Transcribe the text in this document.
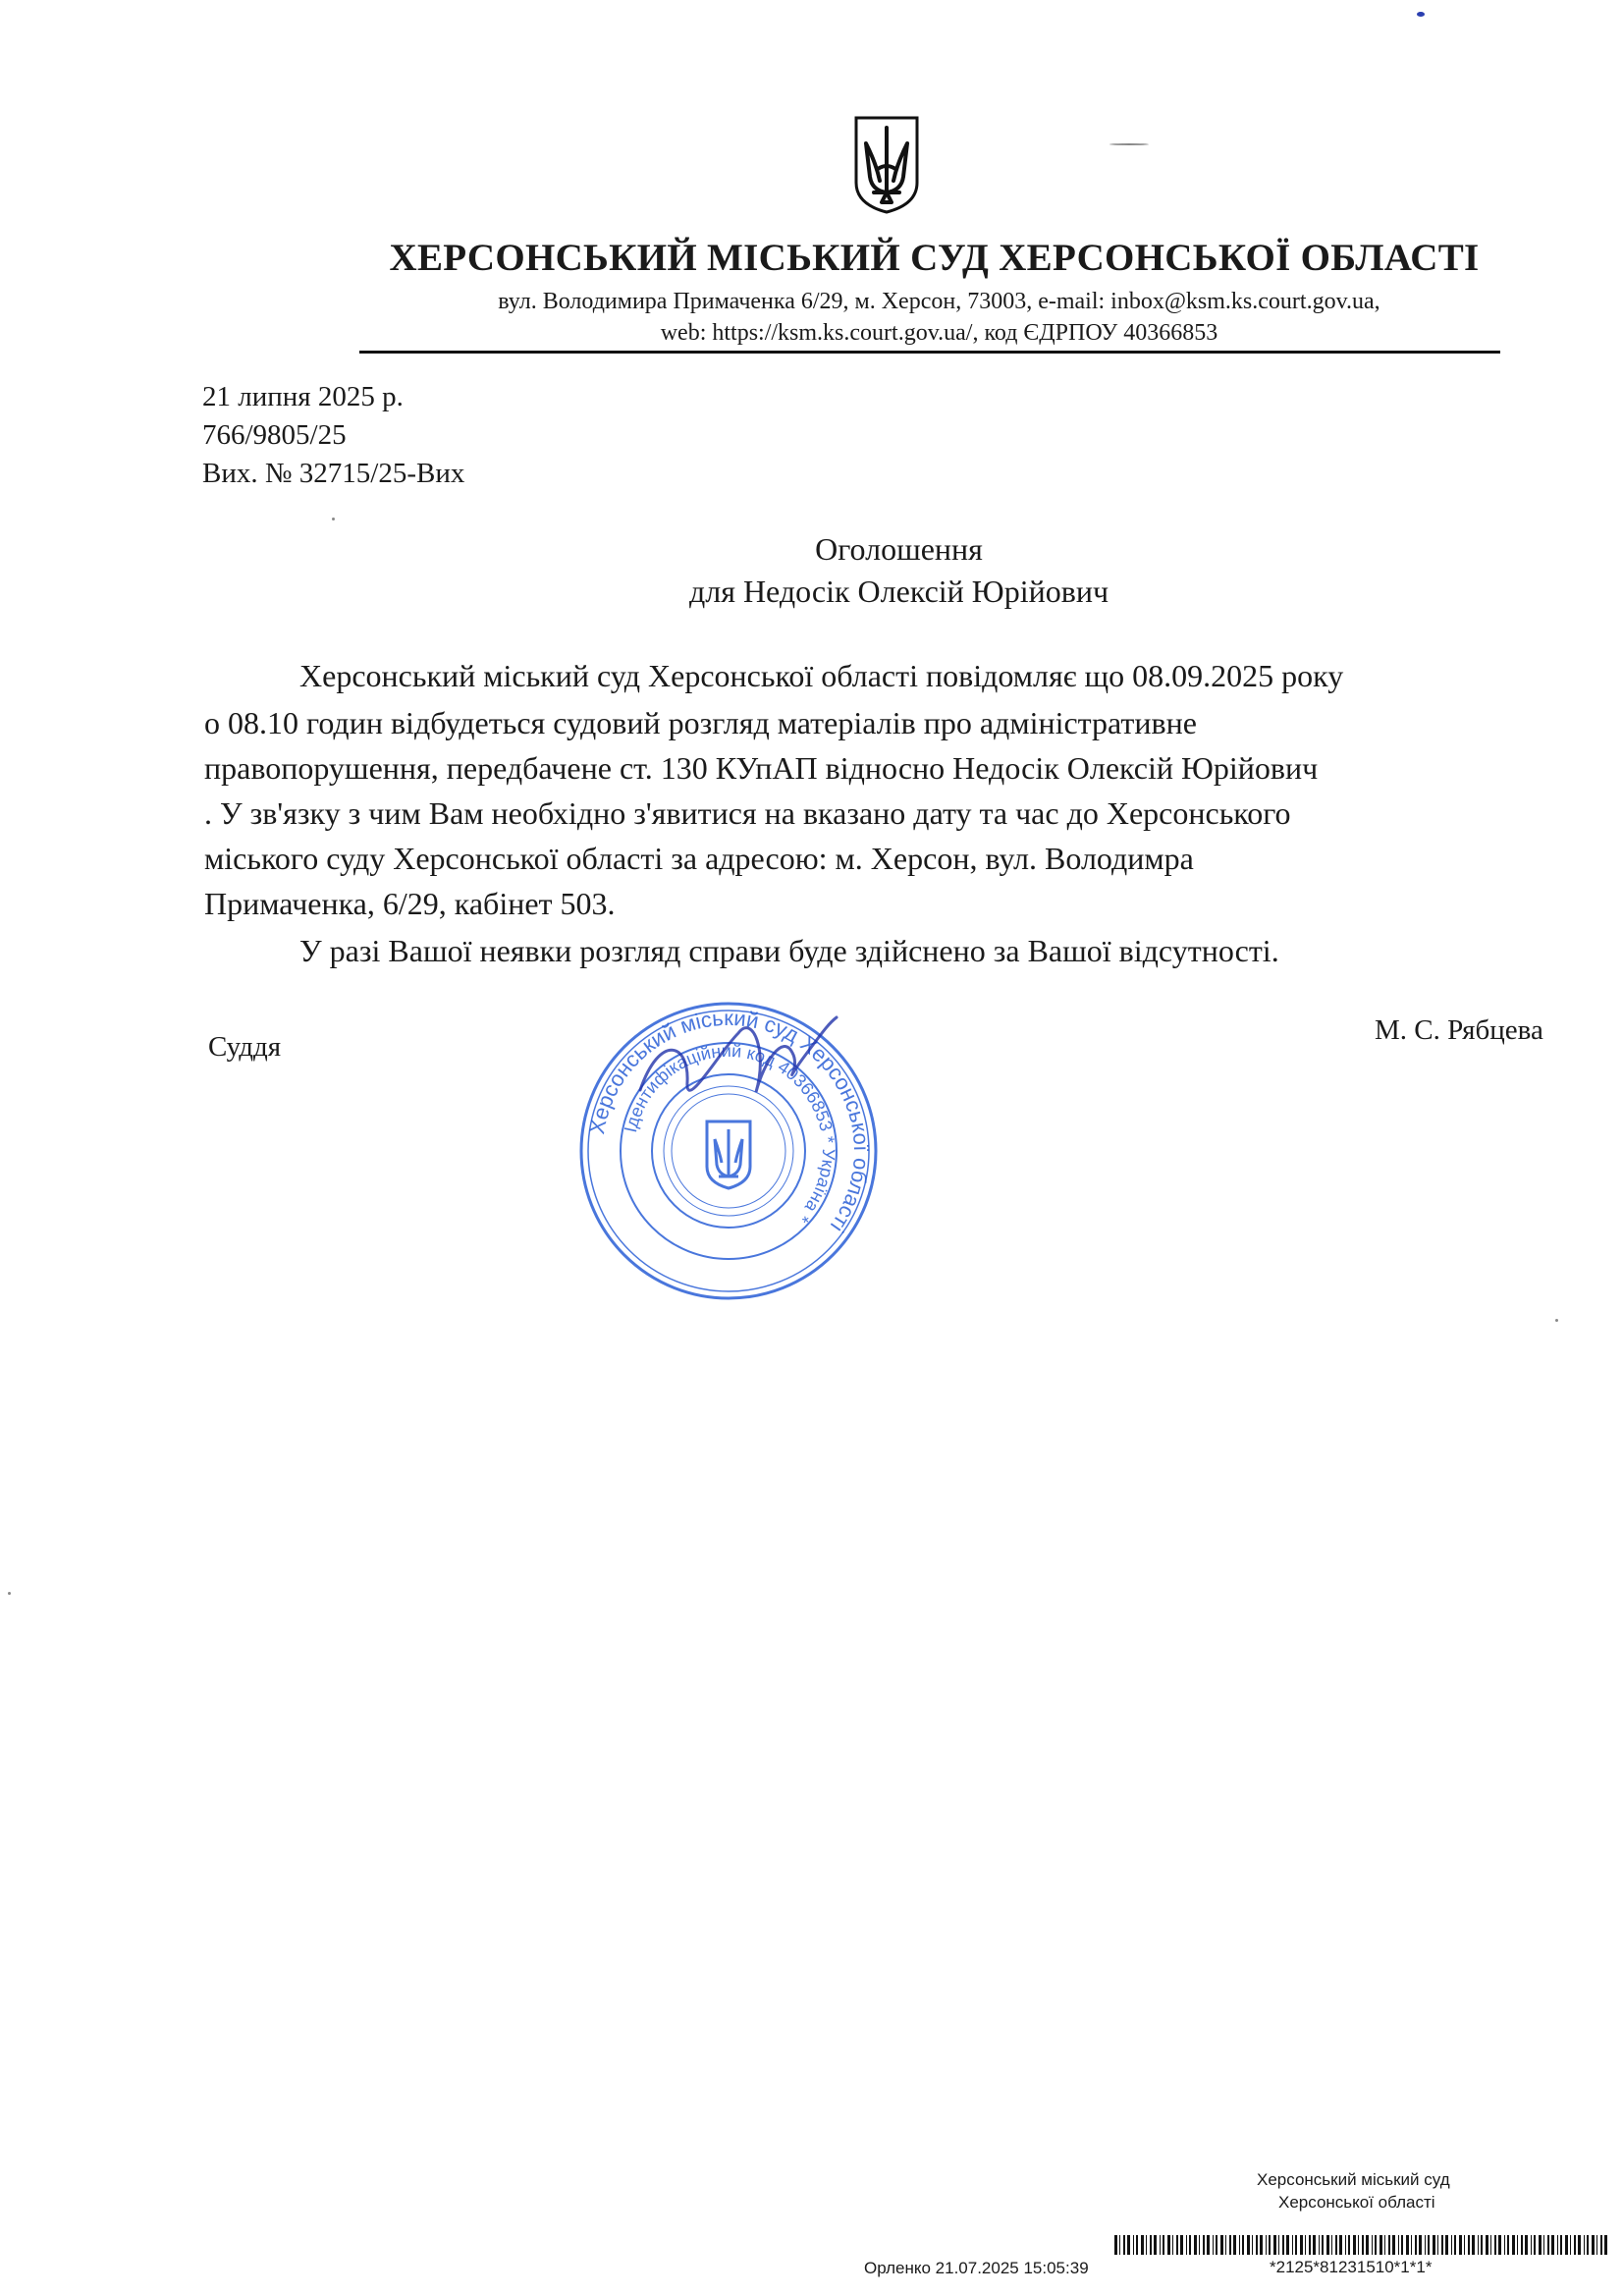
ХЕРСОНСЬКИЙ МІСЬКИЙ СУД ХЕРСОНСЬКОЇ ОБЛАСТІ
вул. Володимира Примаченка 6/29, м. Херсон, 73003, e-mail: inbox@ksm.ks.court.gov.ua,
web: https://ksm.ks.court.gov.ua/, код ЄДРПОУ 40366853
21 липня 2025 р.
766/9805/25
Вих. № 32715/25-Вих
Оголошення
для Недосік Олексій Юрійович
Херсонський міський суд Херсонської області повідомляє що 08.09.2025 року
о 08.10 годин відбудеться судовий розгляд матеріалів про адміністративне
правопорушення, передбачене ст. 130 КУпАП відносно Недосік Олексій Юрійович
. У зв'язку з чим Вам необхідно з'явитися на вказано дату та час до Херсонського
міського суду Херсонської області за адресою: м. Херсон, вул. Володимра
Примаченка, 6/29, кабінет 503.
У разі Вашої неявки розгляд справи буде здійснено за Вашої відсутності.
Суддя
М. С. Рябцева
Херсонський міський суд Херсонської області
Ідентифікаційний код 40366853 * Україна *
Херсонський міський суд
Херсонської області
Орленко 21.07.2025 15:05:39	*2125*81231510*1*1*
